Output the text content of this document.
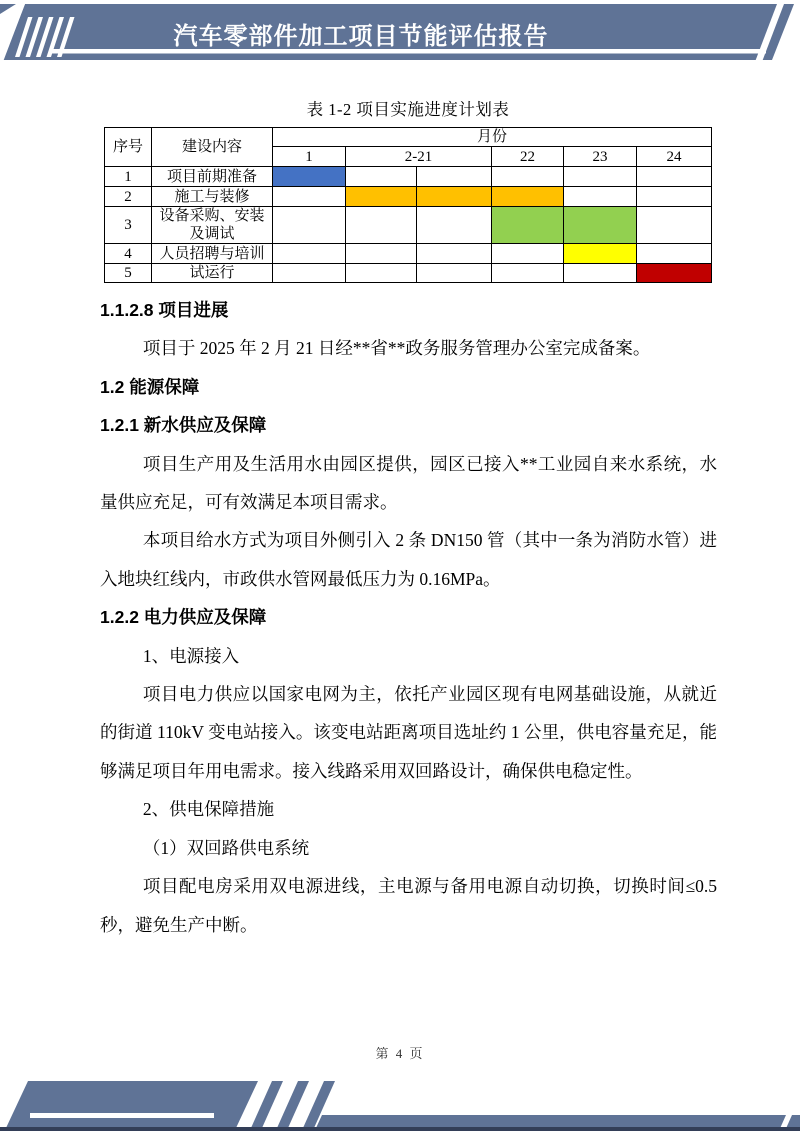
汽车零部件加工项目节能评估报告
表 1-2 项目实施进度计划表
序号	建设内容	月份					
		1	2-21		22	23	24
1	项目前期准备						
2	施工与装修						
3	设备采购、安装及调试						
4	人员招聘与培训						
5	试运行						

1.1.2.8 项目进展

项目于 2025 年 2 月 21 日经**省**政务服务管理办公室完成备案。

1.2 能源保障

1.2.1 新水供应及保障

项目生产用及生活用水由园区提供，园区已接入**工业园自来水系统，水量供应充足，可有效满足本项目需求。

本项目给水方式为项目外侧引入 2 条 DN150 管（其中一条为消防水管）进入地块红线内，市政供水管网最低压力为 0.16MPa。

1.2.2 电力供应及保障

1、电源接入

项目电力供应以国家电网为主，依托产业园区现有电网基础设施，从就近的街道 110kV 变电站接入。该变电站距离项目选址约 1 公里，供电容量充足，能够满足项目年用电需求。接入线路采用双回路设计，确保供电稳定性。

2、供电保障措施

（1）双回路供电系统

项目配电房采用双电源进线，主电源与备用电源自动切换，切换时间≤0.5 秒，避免生产中断。

第 4 页
